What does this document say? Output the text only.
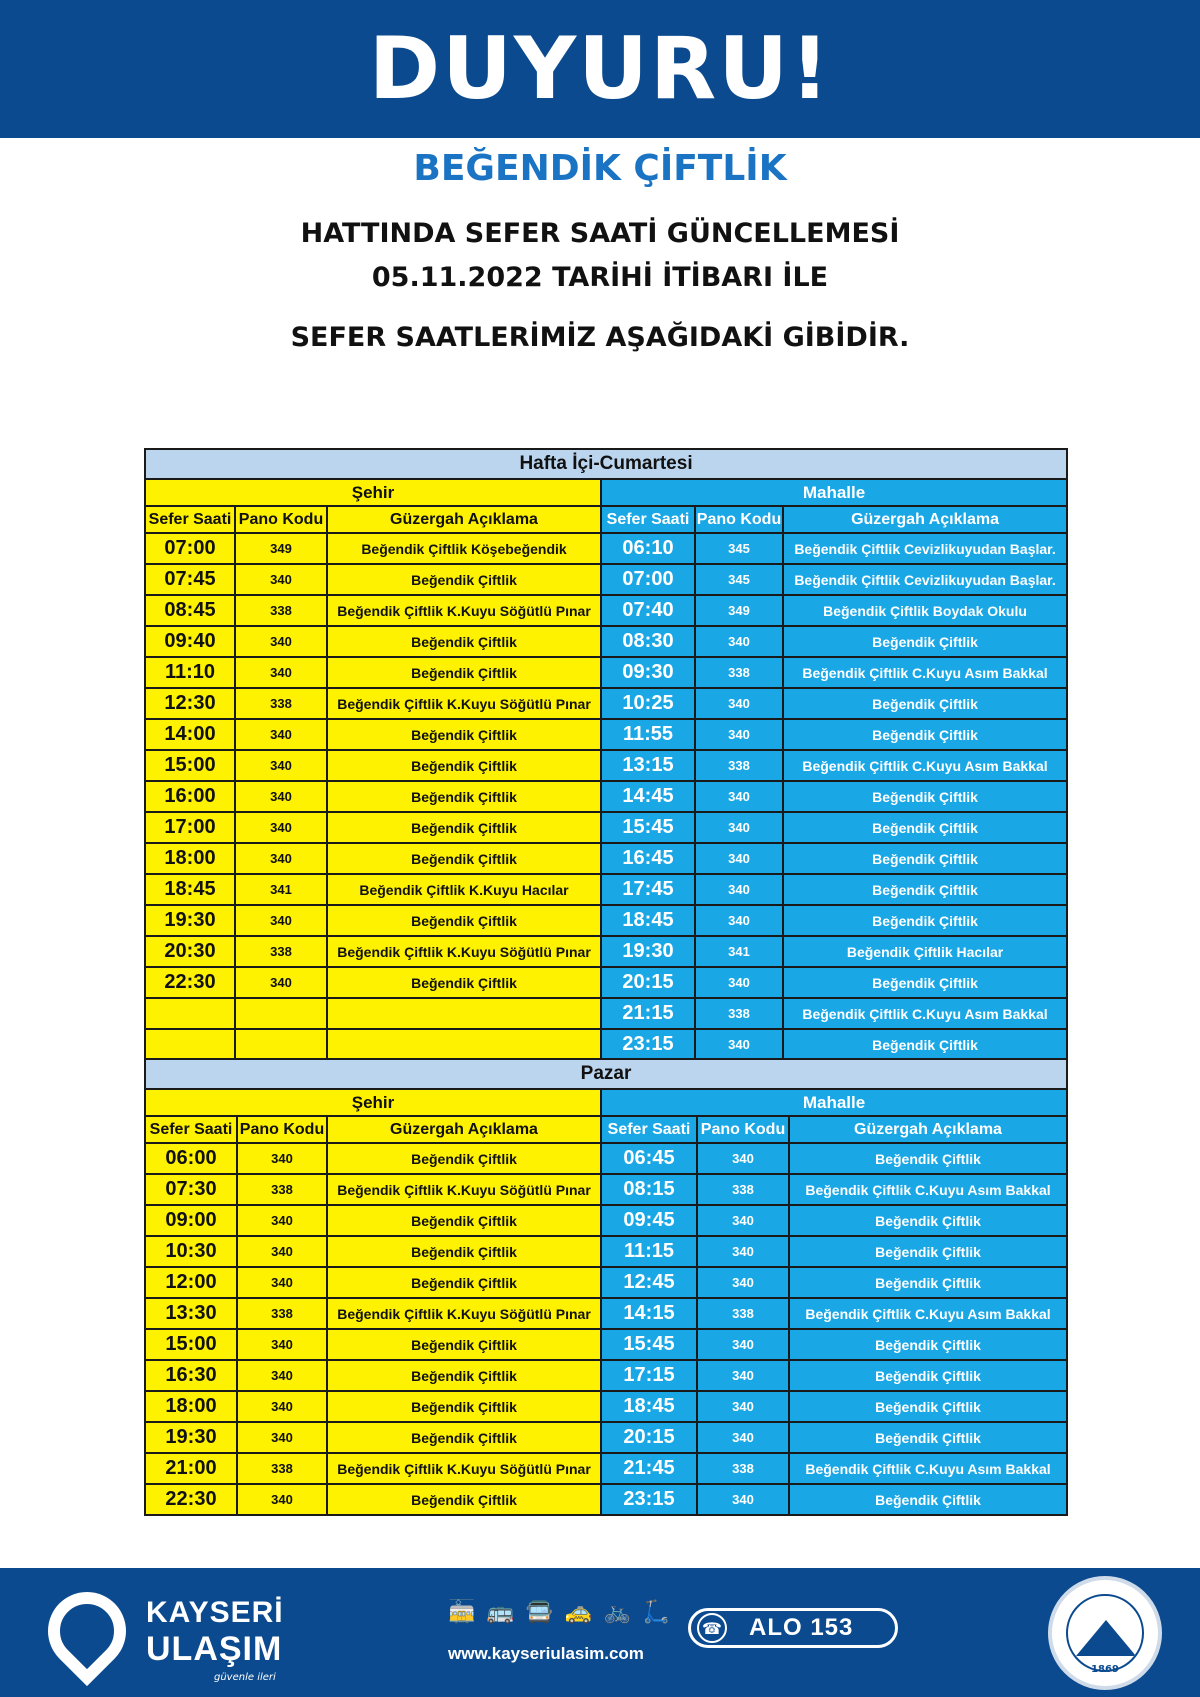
DUYURU!
BEĞENDİK ÇİFTLİK
HATTINDA SEFER SAATİ GÜNCELLEMESİ
05.11.2022 TARİHİ İTİBARI İLE
SEFER SAATLERİMİZ AŞAĞIDAKİ GİBİDİR.
Hafta İçi-Cumartesi					
Şehir			Mahalle		
Sefer Saati	Pano Kodu	Güzergah Açıklama	Sefer Saati	Pano Kodu	Güzergah Açıklama
07:00	349	Beğendik Çiftlik Köşebeğendik	06:10	345	Beğendik Çiftlik Cevizlikuyudan Başlar.
07:45	340	Beğendik Çiftlik	07:00	345	Beğendik Çiftlik Cevizlikuyudan Başlar.
08:45	338	Beğendik Çiftlik K.Kuyu Söğütlü Pınar	07:40	349	Beğendik Çiftlik Boydak Okulu
09:40	340	Beğendik Çiftlik	08:30	340	Beğendik Çiftlik
11:10	340	Beğendik Çiftlik	09:30	338	Beğendik Çiftlik C.Kuyu Asım Bakkal
12:30	338	Beğendik Çiftlik K.Kuyu Söğütlü Pınar	10:25	340	Beğendik Çiftlik
14:00	340	Beğendik Çiftlik	11:55	340	Beğendik Çiftlik
15:00	340	Beğendik Çiftlik	13:15	338	Beğendik Çiftlik C.Kuyu Asım Bakkal
16:00	340	Beğendik Çiftlik	14:45	340	Beğendik Çiftlik
17:00	340	Beğendik Çiftlik	15:45	340	Beğendik Çiftlik
18:00	340	Beğendik Çiftlik	16:45	340	Beğendik Çiftlik
18:45	341	Beğendik Çiftlik K.Kuyu Hacılar	17:45	340	Beğendik Çiftlik
19:30	340	Beğendik Çiftlik	18:45	340	Beğendik Çiftlik
20:30	338	Beğendik Çiftlik K.Kuyu Söğütlü Pınar	19:30	341	Beğendik Çiftlik Hacılar
22:30	340	Beğendik Çiftlik	20:15	340	Beğendik Çiftlik
			21:15	338	Beğendik Çiftlik C.Kuyu Asım Bakkal
			23:15	340	Beğendik Çiftlik
Pazar					
Şehir			Mahalle		
Sefer Saati	Pano Kodu	Güzergah Açıklama	Sefer Saati	Pano Kodu	Güzergah Açıklama
06:00	340	Beğendik Çiftlik	06:45	340	Beğendik Çiftlik
07:30	338	Beğendik Çiftlik K.Kuyu Söğütlü Pınar	08:15	338	Beğendik Çiftlik C.Kuyu Asım Bakkal
09:00	340	Beğendik Çiftlik	09:45	340	Beğendik Çiftlik
10:30	340	Beğendik Çiftlik	11:15	340	Beğendik Çiftlik
12:00	340	Beğendik Çiftlik	12:45	340	Beğendik Çiftlik
13:30	338	Beğendik Çiftlik K.Kuyu Söğütlü Pınar	14:15	338	Beğendik Çiftlik C.Kuyu Asım Bakkal
15:00	340	Beğendik Çiftlik	15:45	340	Beğendik Çiftlik
16:30	340	Beğendik Çiftlik	17:15	340	Beğendik Çiftlik
18:00	340	Beğendik Çiftlik	18:45	340	Beğendik Çiftlik
19:30	340	Beğendik Çiftlik	20:15	340	Beğendik Çiftlik
21:00	338	Beğendik Çiftlik K.Kuyu Söğütlü Pınar	21:45	338	Beğendik Çiftlik C.Kuyu Asım Bakkal
22:30	340	Beğendik Çiftlik	23:15	340	Beğendik Çiftlik
KAYSERİ
ULAŞIM
güvenle ileri
🚋 🚌 🚍 🚕 🚲 🛴
www.kayseriulasim.com
☎ ALO 153
1869
